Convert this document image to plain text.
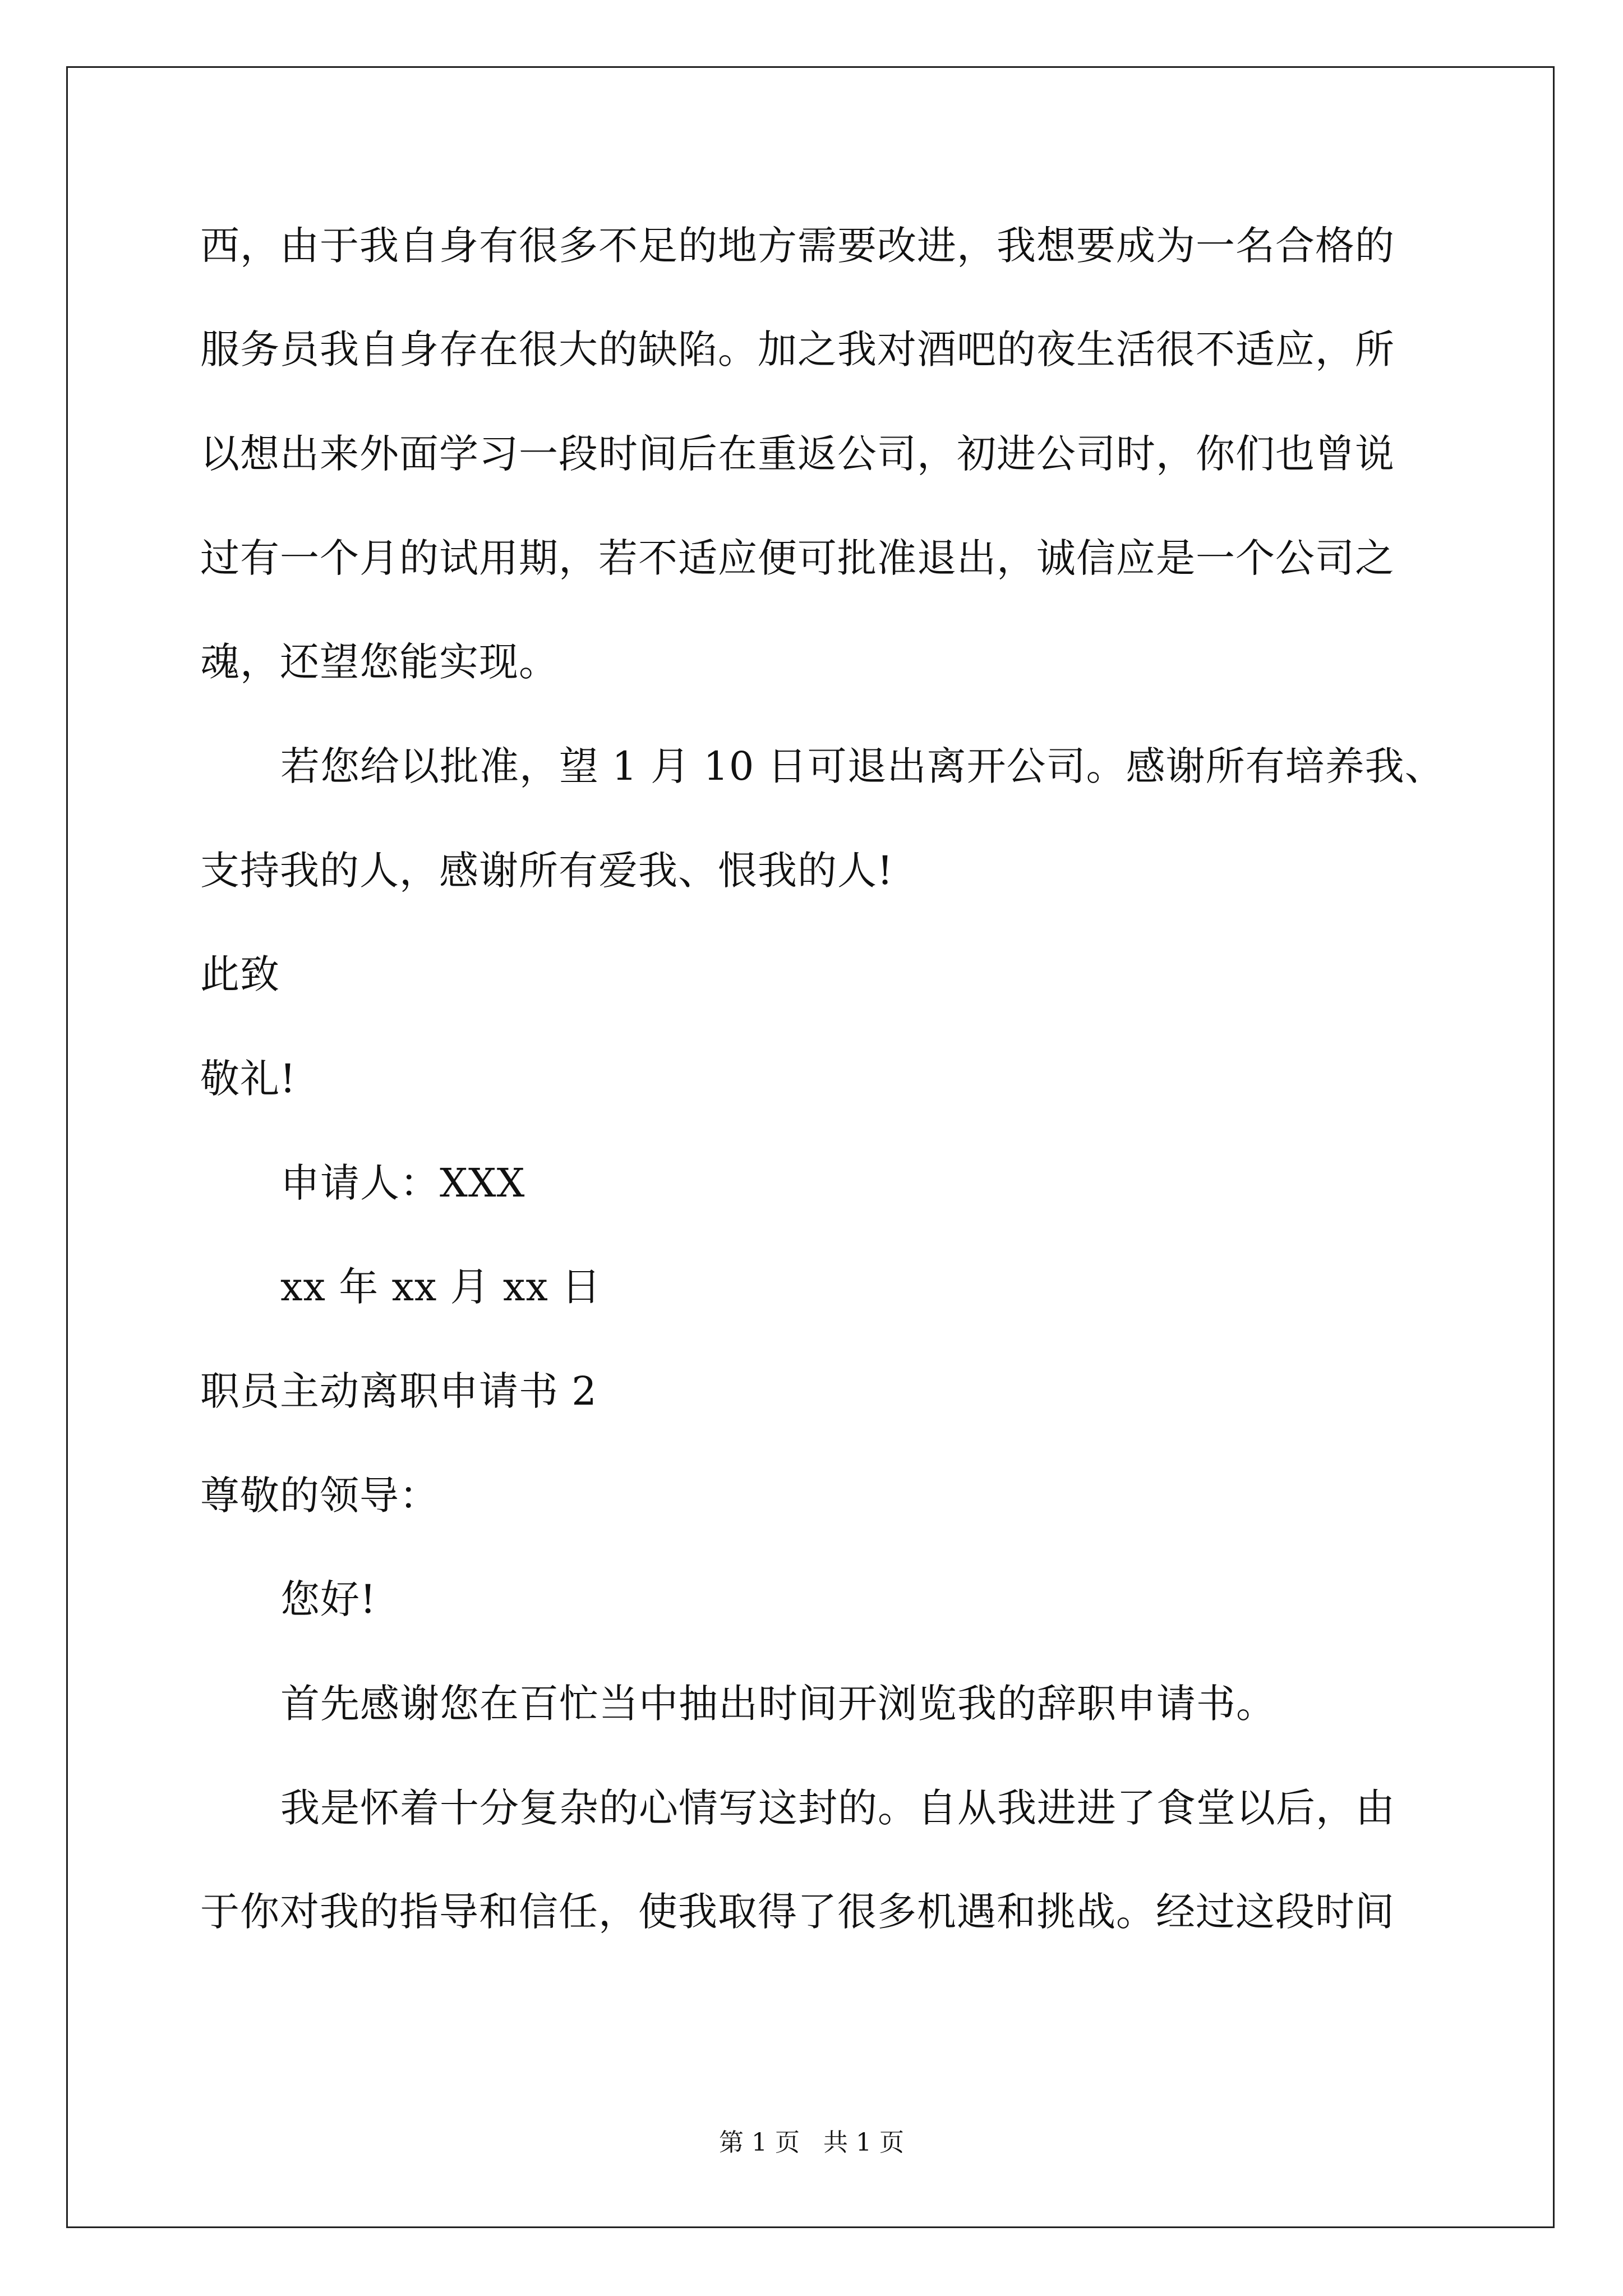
西，由于我自身有很多不足的地方需要改进，我想要成为一名合格的
服务员我自身存在很大的缺陷。加之我对酒吧的夜生活很不适应，所
以想出来外面学习一段时间后在重返公司，初进公司时，你们也曾说
过有一个月的试用期，若不适应便可批准退出，诚信应是一个公司之
魂，还望您能实现。
若您给以批准，望 1 月 10 日可退出离开公司。感谢所有培养我、
支持我的人，感谢所有爱我、恨我的人!
此致
敬礼!
申请人：XXX
xx 年 xx 月 xx 日
职员主动离职申请书 2
尊敬的领导：
您好!
首先感谢您在百忙当中抽出时间开浏览我的辞职申请书。
我是怀着十分复杂的心情写这封的。自从我进进了食堂以后，由
于你对我的指导和信任，使我取得了很多机遇和挑战。经过这段时间
第 1 页   共 1 页
